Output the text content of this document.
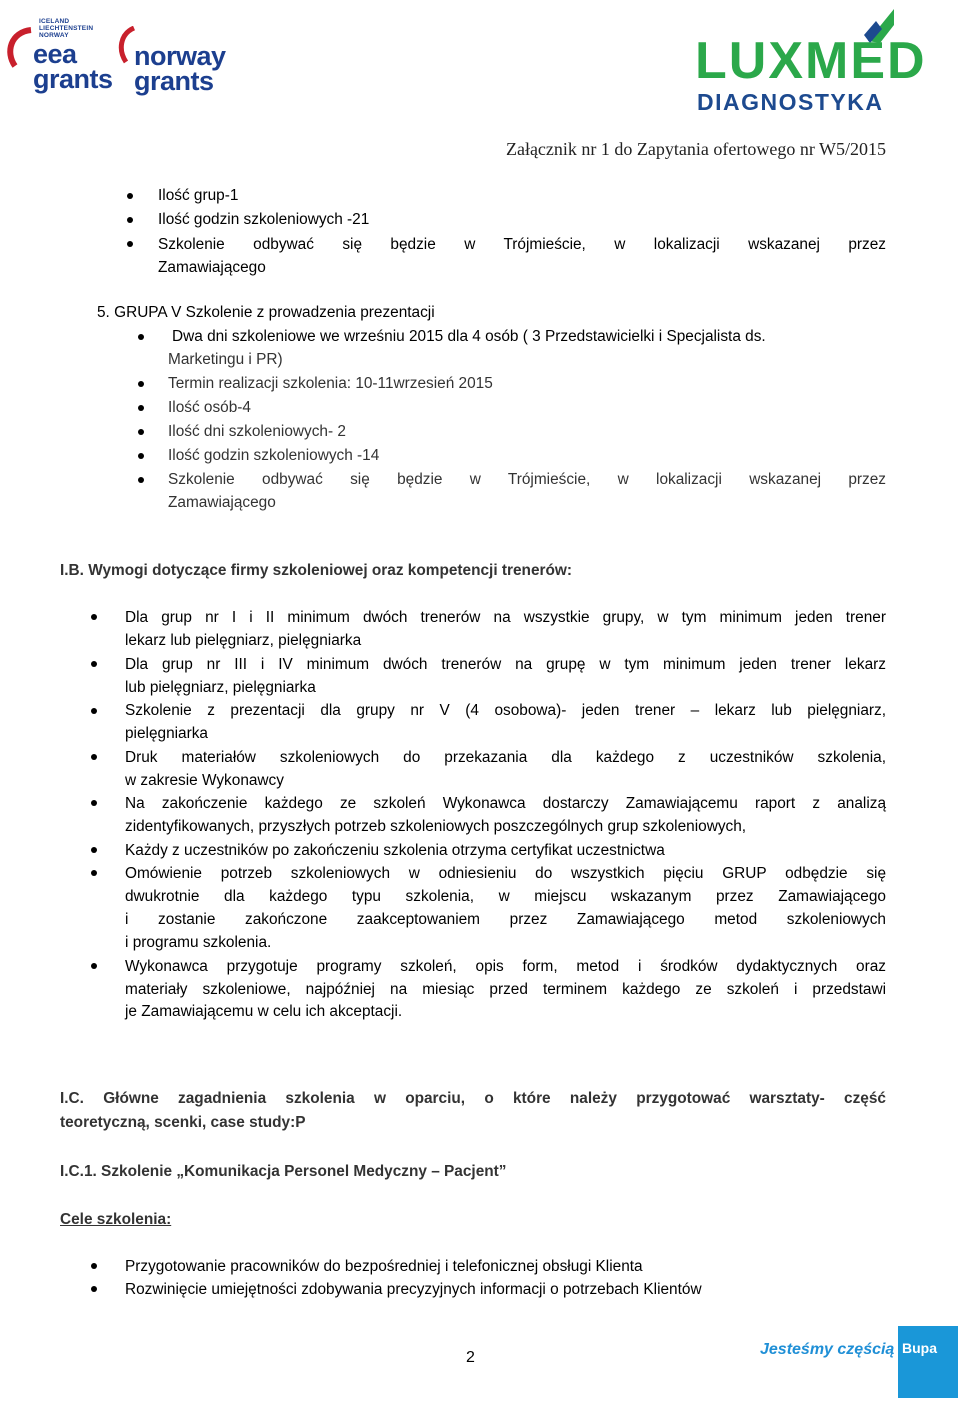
ICELAND
LIECHTENSTEIN
NORWAY
eea
grants
norway
grants	LUXMED
DIAGNOSTYKA
Załącznik nr 1 do Zapytania ofertowego nr W5/2015
Ilość grup-1
Ilość godzin szkoleniowych -21
Szkolenie odbywać się będzie w Trójmieście, w lokalizacji wskazanej przez
Zamawiającego
5. GRUPA V Szkolenie z prowadzenia prezentacji
Dwa dni szkoleniowe we wrześniu 2015 dla 4 osób ( 3 Przedstawicielki i Specjalista ds.
Marketingu i PR)
Termin realizacji szkolenia: 10-11wrzesień 2015
Ilość osób-4
Ilość dni szkoleniowych- 2
Ilość godzin szkoleniowych -14
Szkolenie odbywać się będzie w Trójmieście, w lokalizacji wskazanej przez
Zamawiającego
I.B. Wymogi dotyczące firmy szkoleniowej oraz kompetencji trenerów:
Dla grup nr I i II minimum dwóch trenerów na wszystkie grupy, w tym minimum jeden trener
lekarz lub pielęgniarz, pielęgniarka
Dla grup nr III i IV minimum dwóch trenerów na grupę w tym minimum jeden trener lekarz
lub pielęgniarz, pielęgniarka
Szkolenie z prezentacji dla grupy nr V (4 osobowa)- jeden trener – lekarz lub pielęgniarz,
pielęgniarka
Druk materiałów szkoleniowych do przekazania dla każdego z uczestników szkolenia,
w zakresie Wykonawcy
Na zakończenie każdego ze szkoleń Wykonawca dostarczy Zamawiającemu raport z analizą
zidentyfikowanych, przyszłych potrzeb szkoleniowych poszczególnych grup szkoleniowych,
Każdy z uczestników po zakończeniu szkolenia otrzyma certyfikat uczestnictwa
Omówienie potrzeb szkoleniowych w odniesieniu do wszystkich pięciu GRUP odbędzie się
dwukrotnie dla każdego typu szkolenia, w miejscu wskazanym przez Zamawiającego
i zostanie zakończone zaakceptowaniem przez Zamawiającego metod szkoleniowych
i programu szkolenia.
Wykonawca przygotuje programy szkoleń, opis form, metod i środków dydaktycznych oraz
materiały szkoleniowe, najpóźniej na miesiąc przed terminem każdego ze szkoleń i przedstawi
je Zamawiającemu w celu ich akceptacji.
I.C. Główne zagadnienia szkolenia w oparciu, o które należy przygotować warsztaty- część
teoretyczną, scenki, case study:P
I.C.1. Szkolenie „Komunikacja Personel Medyczny – Pacjent”
Cele szkolenia:
Przygotowanie pracowników do bezpośredniej i telefonicznej obsługi Klienta
Rozwinięcie umiejętności zdobywania precyzyjnych informacji o potrzebach Klientów
2	Jesteśmy częścią Bupa
